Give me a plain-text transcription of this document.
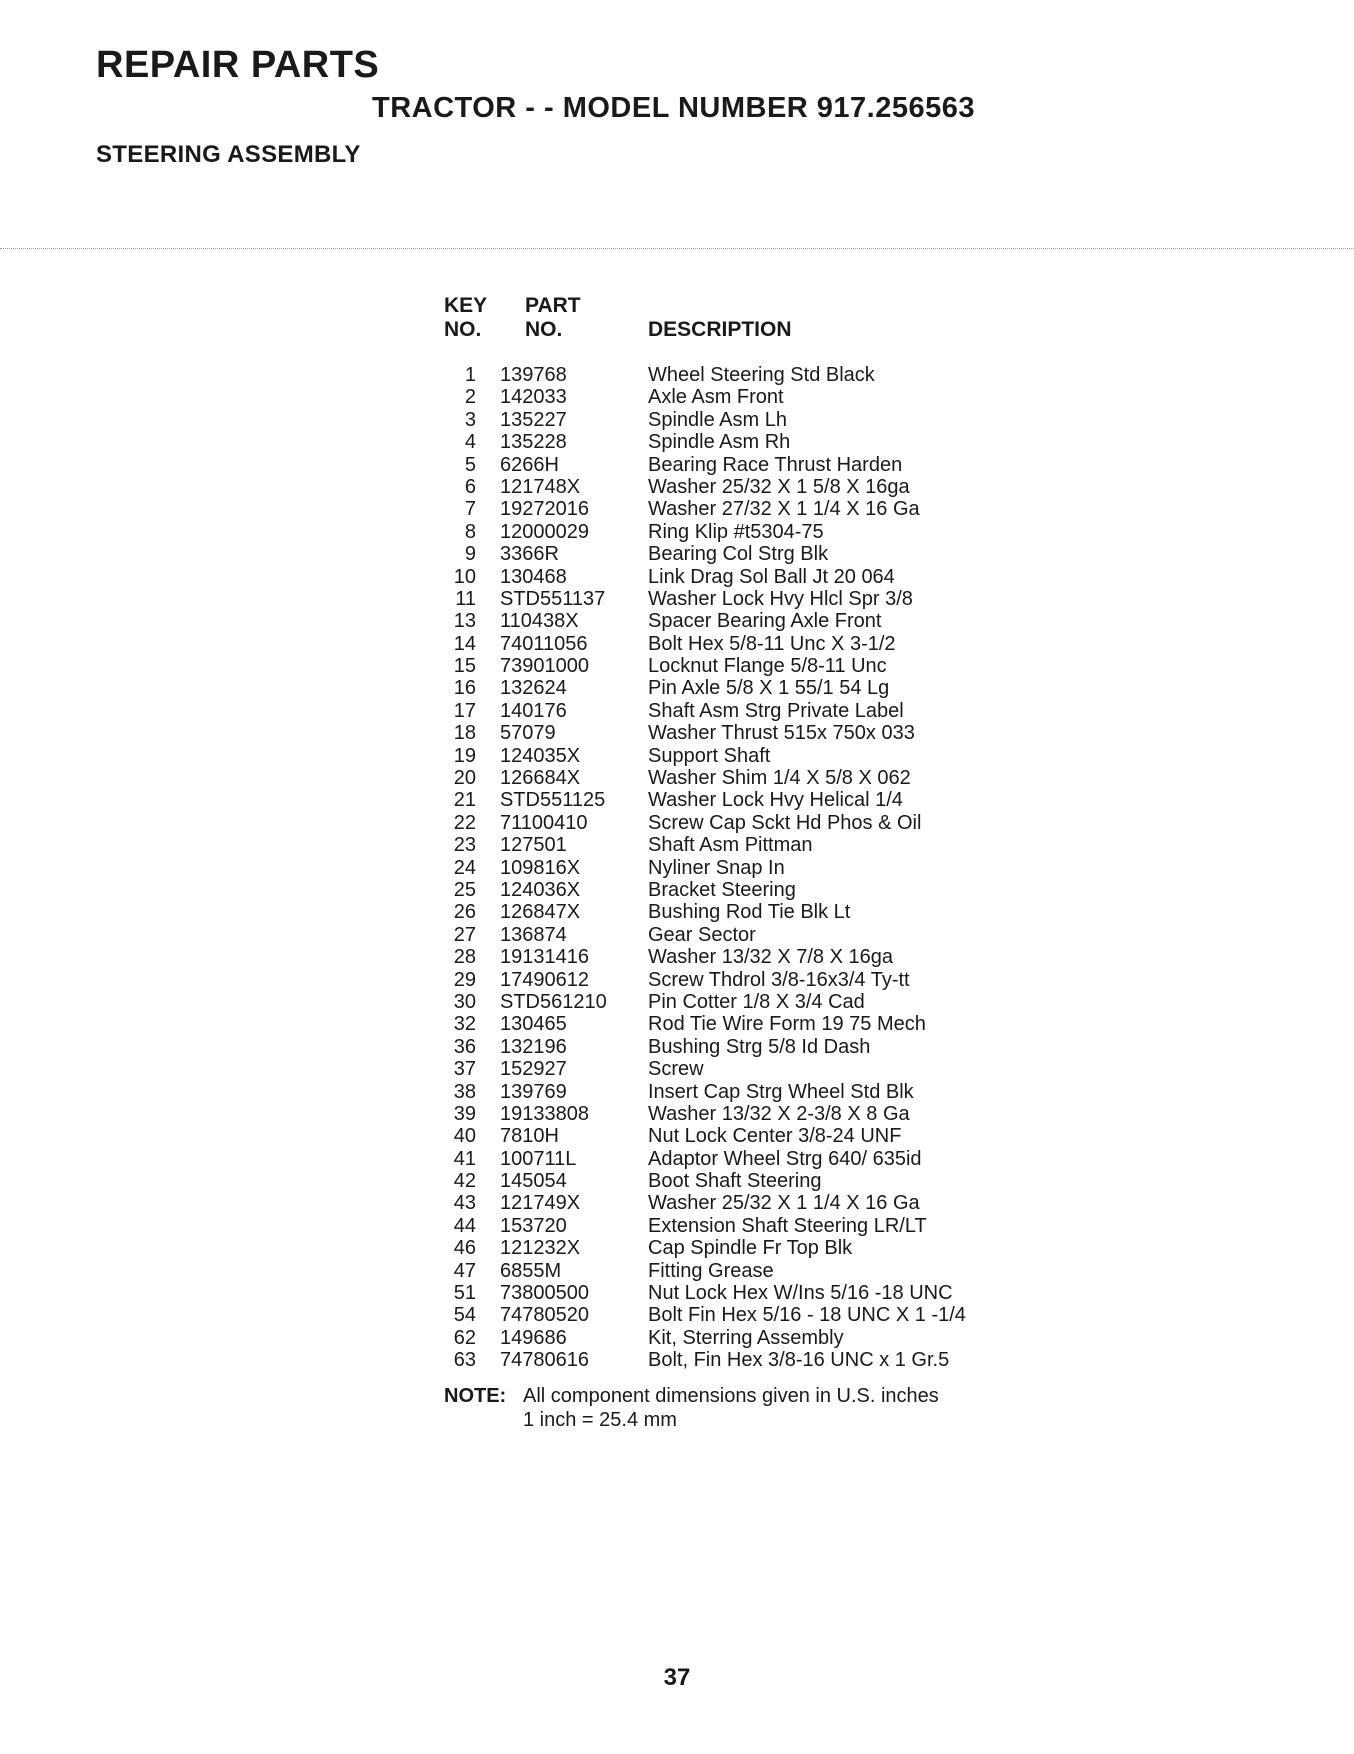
REPAIR PARTS
TRACTOR - - MODEL NUMBER 917.256563
STEERING ASSEMBLY
KEY
NO.
PART
NO.	DESCRIPTION
1 139768	Wheel Steering Std Black
2 142033	Axle Asm Front
3 135227	Spindle Asm Lh
4 135228	Spindle Asm Rh
5 6266H	Bearing Race Thrust Harden
6 121748X	Washer 25/32 X 1 5/8 X 16ga
7 19272016	Washer 27/32 X 1 1/4 X 16 Ga
8 12000029	Ring Klip #t5304-75
9 3366R	Bearing Col Strg Blk
10 130468	Link Drag Sol Ball Jt 20 064
11 STD551137 Washer Lock Hvy Hlcl Spr 3/8
13 110438X	Spacer Bearing Axle Front
14 74011056	Bolt Hex 5/8-11 Unc X 3-1/2
15 73901000	Locknut Flange 5/8-11 Unc
16 132624	Pin Axle 5/8 X 1 55/1 54 Lg
17 140176	Shaft Asm Strg Private Label
18 57079	Washer Thrust 515x 750x 033
19 124035X	Support Shaft
20 126684X	Washer Shim 1/4 X 5/8 X 062
21 STD551125 Washer Lock Hvy Helical 1/4
22 71100410	Screw Cap Sckt Hd Phos & Oil
23 127501	Shaft Asm Pittman
24 109816X	Nyliner Snap In
25 124036X	Bracket Steering
26 126847X	Bushing Rod Tie Blk Lt
27 136874	Gear Sector
28 19131416	Washer 13/32 X 7/8 X 16ga
29 17490612	Screw Thdrol 3/8-16x3/4 Ty-tt
30 STD561210 Pin Cotter 1/8 X 3/4 Cad
32 130465	Rod Tie Wire Form 19 75 Mech
36 132196	Bushing Strg 5/8 Id Dash
37 152927	Screw
38 139769	Insert Cap Strg Wheel Std Blk
39 19133808	Washer 13/32 X 2-3/8 X 8 Ga
40 7810H	Nut Lock Center 3/8-24 UNF
41 100711L	Adaptor Wheel Strg 640/ 635id
42 145054	Boot Shaft Steering
43 121749X	Washer 25/32 X 1 1/4 X 16 Ga
44 153720	Extension Shaft Steering LR/LT
46 121232X	Cap Spindle Fr Top Blk
47 6855M	Fitting Grease
51 73800500	Nut Lock Hex W/Ins 5/16 -18 UNC
54 74780520	Bolt Fin Hex 5/16 - 18 UNC X 1 -1/4
62 149686	Kit, Sterring Assembly
63 74780616	Bolt, Fin Hex 3/8-16 UNC x 1 Gr.5
NOTE: All component dimensions given in U.S. inches
1 inch = 25.4 mm
37
